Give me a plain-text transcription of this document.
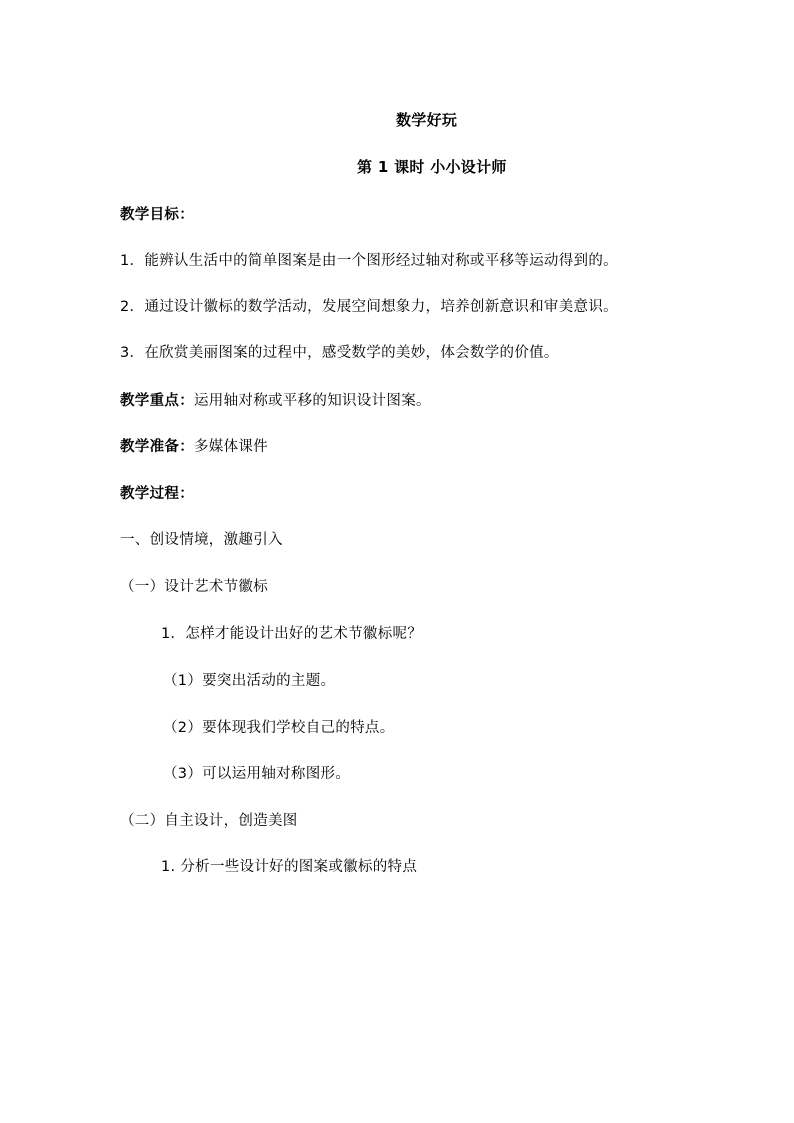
数学好玩
第 1 课时 小小设计师
教学目标：
1．能辨认生活中的简单图案是由一个图形经过轴对称或平移等运动得到的。
2．通过设计徽标的数学活动，发展空间想象力，培养创新意识和审美意识。
3．在欣赏美丽图案的过程中，感受数学的美妙，体会数学的价值。
教学重点：运用轴对称或平移的知识设计图案。
教学准备：多媒体课件
教学过程：
一、创设情境，激趣引入
（一）设计艺术节徽标
1．怎样才能设计出好的艺术节徽标呢？
（1）要突出活动的主题。
（2）要体现我们学校自己的特点。
（3）可以运用轴对称图形。
（二）自主设计，创造美图
1. 分析一些设计好的图案或徽标的特点
